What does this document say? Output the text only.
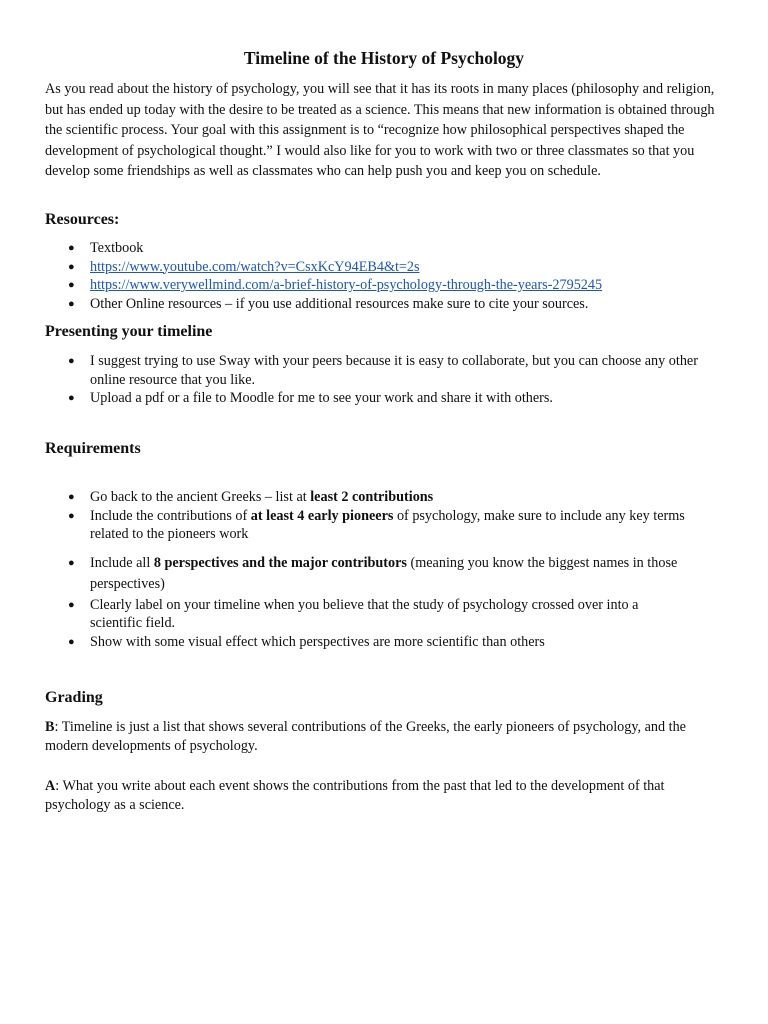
Timeline of the History of Psychology

As you read about the history of psychology, you will see that it has its roots in many places (philosophy and religion, but has ended up today with the desire to be treated as a science. This means that new information is obtained through the scientific process. Your goal with this assignment is to “recognize how philosophical perspectives shaped the development of psychological thought.” I would also like for you to work with two or three classmates so that you develop some friendships as well as classmates who can help push you and keep you on schedule.

Resources:
● Textbook
● https://www.youtube.com/watch?v=CsxKcY94EB4&t=2s
● https://www.verywellmind.com/a-brief-history-of-psychology-through-the-years-2795245
● Other Online resources – if you use additional resources make sure to cite your sources.
Presenting your timeline
● I suggest trying to use Sway with your peers because it is easy to collaborate, but you can choose any other online resource that you like.
● Upload a pdf or a file to Moodle for me to see your work and share it with others.
Requirements
● Go back to the ancient Greeks – list at least 2 contributions
● Include the contributions of at least 4 early pioneers of psychology, make sure to include any key terms related to the pioneers work
● Include all 8 perspectives and the major contributors (meaning you know the biggest names in those perspectives)
● Clearly label on your timeline when you believe that the study of psychology crossed over into a scientific field.
● Show with some visual effect which perspectives are more scientific than others
Grading

B: Timeline is just a list that shows several contributions of the Greeks, the early pioneers of psychology, and the modern developments of psychology.

A: What you write about each event shows the contributions from the past that led to the development of that psychology as a science.
